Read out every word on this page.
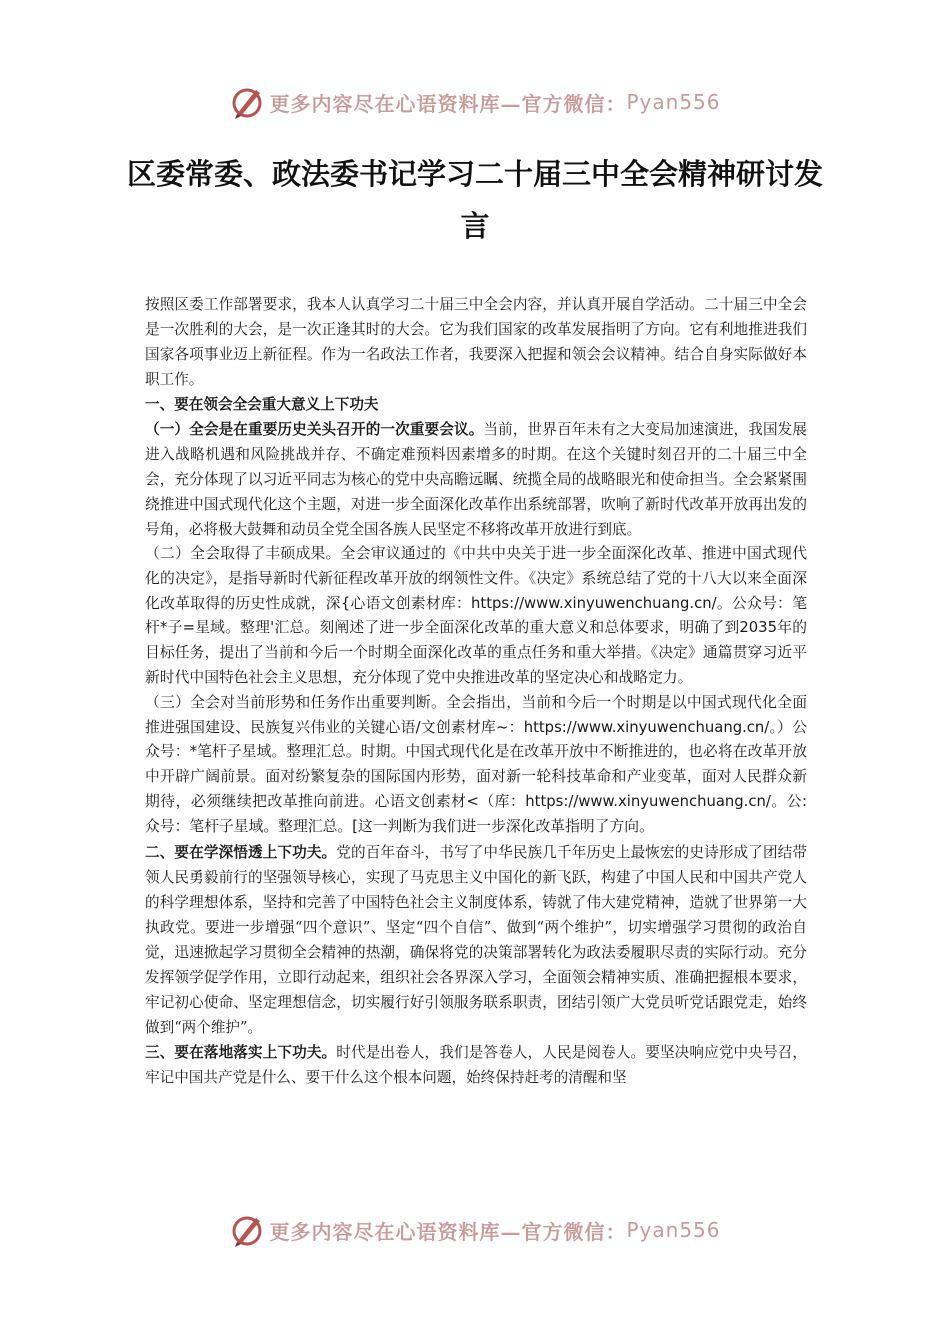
更多内容尽在心语资料库—官方微信： Pyan556
区委常委、政法委书记学习二十届三中全会精神研讨发言

按照区委工作部署要求，我本人认真学习二十届三中全会内容，并认真开展自学活动。二十届三中全会是一次胜利的大会，是一次正逢其时的大会。它为我们国家的改革发展指明了方向。它有利地推进我们国家各项事业迈上新征程。作为一名政法工作者，我要深入把握和领会会议精神。结合自身实际做好本职工作。

一、要在领会全会重大意义上下功夫

（一）全会是在重要历史关头召开的一次重要会议。当前，世界百年未有之大变局加速演进，我国发展进入战略机遇和风险挑战并存、不确定难预料因素增多的时期。在这个关键时刻召开的二十届三中全会，充分体现了以习近平同志为核心的党中央高瞻远瞩、统揽全局的战略眼光和使命担当。全会紧紧围绕推进中国式现代化这个主题，对进一步全面深化改革作出系统部署，吹响了新时代改革开放再出发的号角，必将极大鼓舞和动员全党全国各族人民坚定不移将改革开放进行到底。

（二）全会取得了丰硕成果。全会审议通过的《中共中央关于进一步全面深化改革、推进中国式现代化的决定》，是指导新时代新征程改革开放的纲领性文件。《决定》系统总结了党的十八大以来全面深化改革取得的历史性成就，深{心语文创素材库：https://www.xinyuwenchuang.cn/。公众号：笔杆*子=星域。整理'汇总。刻阐述了进一步全面深化改革的重大意义和总体要求，明确了到2035年的目标任务，提出了当前和今后一个时期全面深化改革的重点任务和重大举措。《决定》通篇贯穿习近平新时代中国特色社会主义思想，充分体现了党中央推进改革的坚定决心和战略定力。

（三）全会对当前形势和任务作出重要判断。全会指出，当前和今后一个时期是以中国式现代化全面推进强国建设、民族复兴伟业的关键心语/文创素材库~：https://www.xinyuwenchuang.cn/。）公众号：*笔杆子星域。整理汇总。时期。中国式现代化是在改革开放中不断推进的，也必将在改革开放中开辟广阔前景。面对纷繁复杂的国际国内形势，面对新一轮科技革命和产业变革，面对人民群众新期待，必须继续把改革推向前进。心语文创素材<（库：https://www.xinyuwenchuang.cn/。公:众号：笔杆子星域。整理汇总。[这一判断为我们进一步深化改革指明了方向。

二、要在学深悟透上下功夫。党的百年奋斗，书写了中华民族几千年历史上最恢宏的史诗形成了团结带领人民勇毅前行的坚强领导核心，实现了马克思主义中国化的新飞跃，构建了中国人民和中国共产党人的科学理想体系，坚持和完善了中国特色社会主义制度体系，铸就了伟大建党精神，造就了世界第一大执政党。要进一步增强“四个意识”、坚定“四个自信”、做到“两个维护”，切实增强学习贯彻的政治自觉，迅速掀起学习贯彻全会精神的热潮，确保将党的决策部署转化为政法委履职尽责的实际行动。充分发挥领学促学作用，立即行动起来，组织社会各界深入学习，全面领会精神实质、准确把握根本要求，牢记初心使命、坚定理想信念，切实履行好引领服务联系职责，团结引领广大党员听党话跟党走，始终做到“两个维护”。

三、要在落地落实上下功夫。时代是出卷人，我们是答卷人，人民是阅卷人。要坚决响应党中央号召，牢记中国共产党是什么、要干什么这个根本问题，始终保持赶考的清醒和坚

更多内容尽在心语资料库—官方微信： Pyan556
